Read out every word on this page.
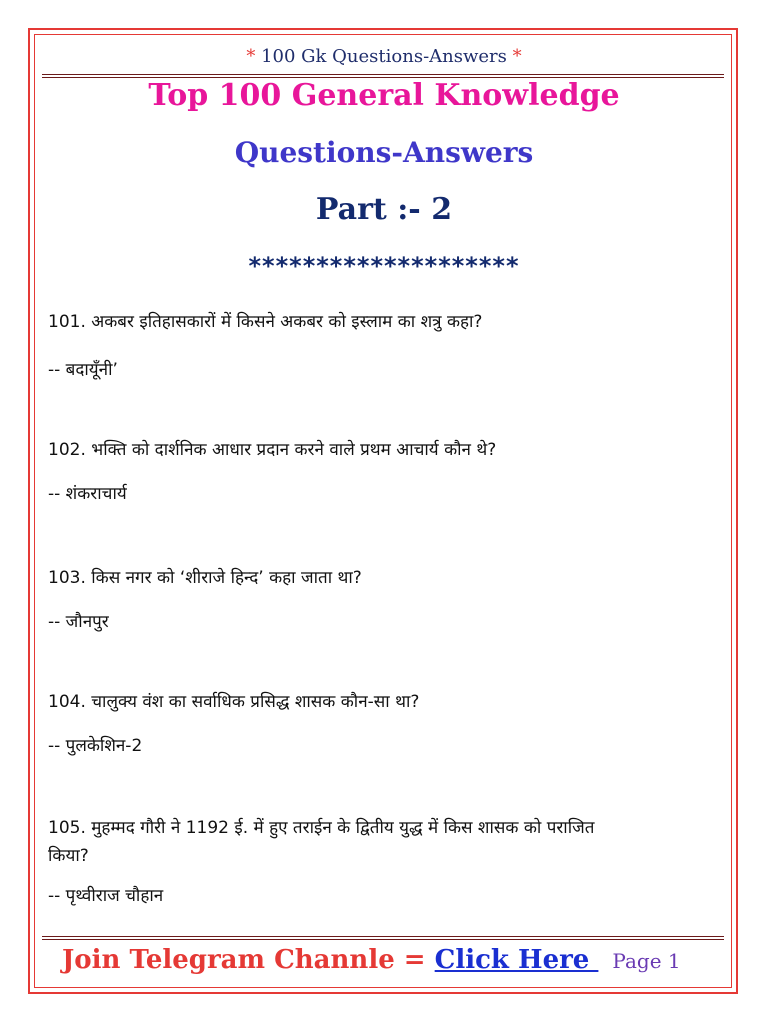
* 100 Gk Questions-Answers *
Top 100 General Knowledge
Questions-Answers
Part :- 2
********************
101. अकबर इतिहासकारों में किसने अकबर को इस्लाम का शत्रु कहा?
-- बदायूँनी’
102. भक्ति को दार्शनिक आधार प्रदान करने वाले प्रथम आचार्य कौन थे?
-- शंकराचार्य
103. किस नगर को ‘शीराजे हिन्द’ कहा जाता था?
-- जौनपुर
104. चालुक्य वंश का सर्वाधिक प्रसिद्ध शासक कौन-सा था?
-- पुलकेशिन-2
105. मुहम्मद गौरी ने 1192 ई. में हुए तराईन के द्वितीय युद्ध में किस शासक को पराजित
किया?
-- पृथ्वीराज चौहान
Join Telegram Channle = Click Here Page 1
